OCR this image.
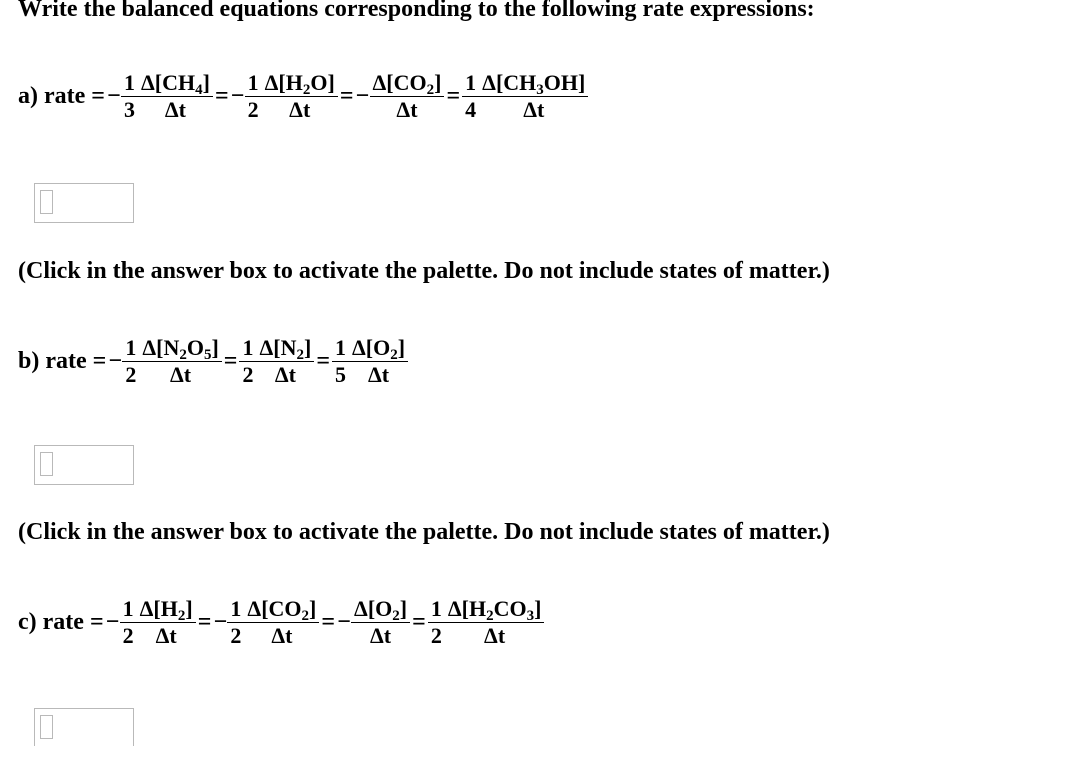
Write the balanced equations corresponding to the following rate expressions:
a) rate = − $\frac{1}{3} \frac{\Delta[CH_4]}{\Delta t}$ = − $\frac{1}{2} \frac{\Delta[H_2O]}{\Delta t}$ = − $\frac{\Delta[CO_2]}{\Delta t} = \frac{1}{4} \frac{\Delta[CH_3OH]}{\Delta t}$
(Click in the answer box to activate the palette. Do not include states of matter.)
b) rate = − $\frac{1}{2} \frac{\Delta[N_2O_5]}{\Delta t} = \frac{1}{2} \frac{\Delta[N_2]}{\Delta t} = \frac{1}{5} \frac{\Delta[O_2]}{\Delta t}$
(Click in the answer box to activate the palette. Do not include states of matter.)
c) rate = − $\frac{1}{2} \frac{\Delta[H_2]}{\Delta t}$ = − $\frac{1}{2} \frac{\Delta[CO_2]}{\Delta t}$ = − $\frac{\Delta[O_2]}{\Delta t} = \frac{1}{2} \frac{\Delta[H_2CO_3]}{\Delta t}$
